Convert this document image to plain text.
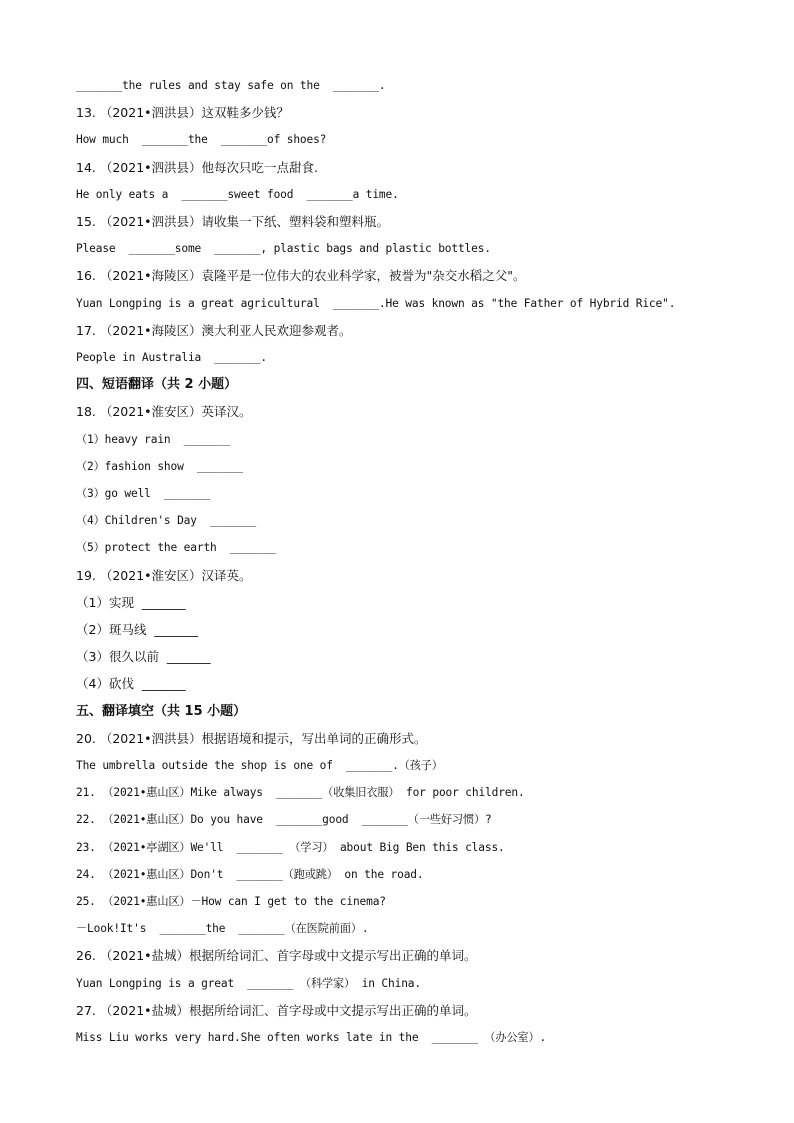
_______the rules and stay safe on the  _______.
13. （2021•泗洪县）这双鞋多少钱？
How much  _______the  _______of shoes?
14. （2021•泗洪县）他每次只吃一点甜食.
He only eats a  _______sweet food  _______a time.
15. （2021•泗洪县）请收集一下纸、塑料袋和塑料瓶。
Please  _______some  _______, plastic bags and plastic bottles.
16. （2021•海陵区）袁隆平是一位伟大的农业科学家，被誉为"杂交水稻之父"。
Yuan Longping is a great agricultural  _______.He was known as "the Father of Hybrid Rice".
17. （2021•海陵区）澳大利亚人民欢迎参观者。
People in Australia  _______.
四、短语翻译（共 2 小题）
18. （2021•淮安区）英译汉。
（1）heavy rain  _______
（2）fashion show  _______
（3）go well  _______
（4）Children's Day  _______
（5）protect the earth  _______
19. （2021•淮安区）汉译英。
（1）实现  _______
（2）斑马线  _______
（3）很久以前  _______
（4）砍伐  _______
五、翻译填空（共 15 小题）
20. （2021•泗洪县）根据语境和提示，写出单词的正确形式。
The umbrella outside the shop is one of  _______.（孩子）
21. （2021•惠山区）Mike always  _______（收集旧衣服） for poor children.
22. （2021•惠山区）Do you have  _______good  _______（一些好习惯）?
23. （2021•亭湖区）We'll  _______ （学习） about Big Ben this class.
24. （2021•惠山区）Don't  _______（跑或跳） on the road.
25. （2021•惠山区）－How can I get to the cinema?
－Look!It's  _______the  _______（在医院前面）.
26. （2021•盐城）根据所给词汇、首字母或中文提示写出正确的单词。
Yuan Longping is a great  _______ （科学家） in China.
27. （2021•盐城）根据所给词汇、首字母或中文提示写出正确的单词。
Miss Liu works very hard.She often works late in the  _______ （办公室）.
